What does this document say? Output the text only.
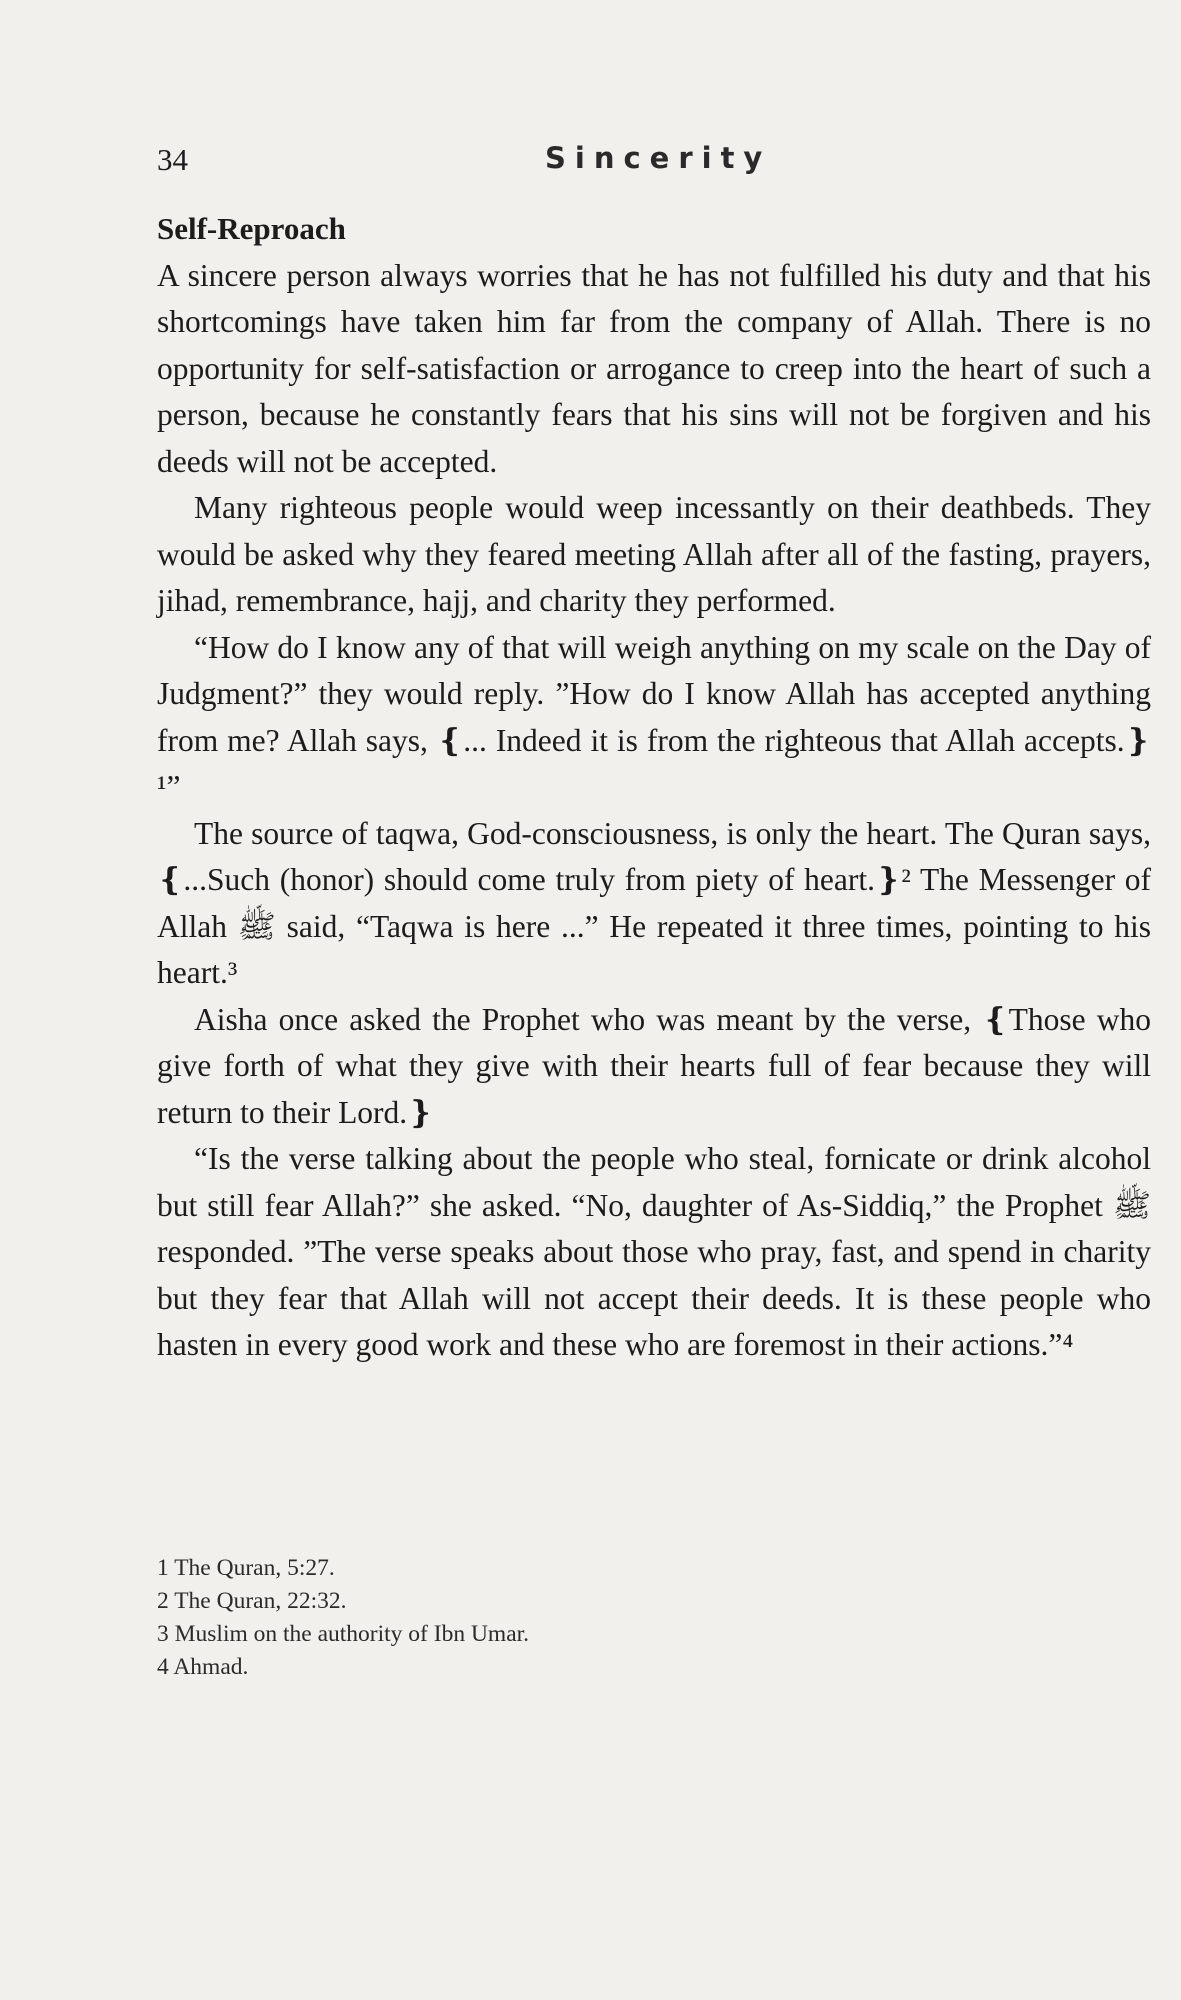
34	Sincerity

Self-Reproach

A sincere person always worries that he has not fulfilled his duty and that his shortcomings have taken him far from the company of Allah. There is no opportunity for self-satisfaction or arrogance to creep into the heart of such a person, because he constantly fears that his sins will not be forgiven and his deeds will not be accepted.

Many righteous people would weep incessantly on their deathbeds. They would be asked why they feared meeting Allah after all of the fasting, prayers, jihad, remembrance, hajj, and charity they performed.

“How do I know any of that will weigh anything on my scale on the Day of Judgment?” they would reply. ”How do I know Allah has accepted anything from me? Allah says, ❴... Indeed it is from the righteous that Allah accepts.❵¹”

The source of taqwa, God-consciousness, is only the heart. The Quran says, ❴...Such (honor) should come truly from piety of heart.❵² The Messenger of Allah ﷺ said, “Taqwa is here ...” He repeated it three times, pointing to his heart.³

Aisha once asked the Prophet who was meant by the verse, ❴Those who give forth of what they give with their hearts full of fear because they will return to their Lord.❵

“Is the verse talking about the people who steal, fornicate or drink alcohol but still fear Allah?” she asked. “No, daughter of As-Siddiq,” the Prophet ﷺ responded. ”The verse speaks about those who pray, fast, and spend in charity but they fear that Allah will not accept their deeds. It is these people who hasten in every good work and these who are foremost in their actions.”⁴

1 The Quran, 5:27.

2 The Quran, 22:32.

3 Muslim on the authority of Ibn Umar.

4 Ahmad.
